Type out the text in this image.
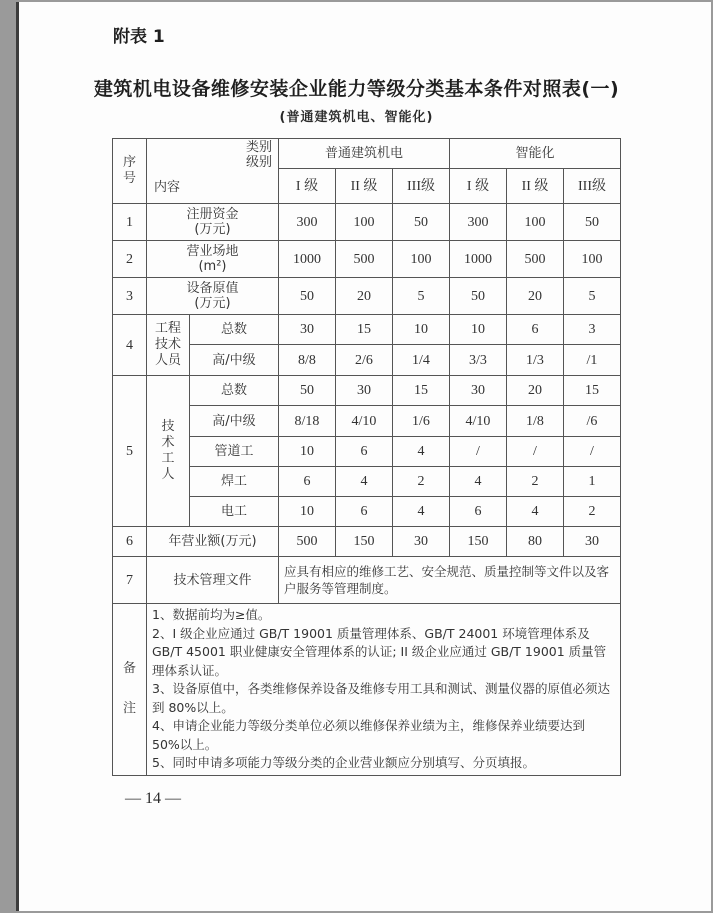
附表 1
建筑机电设备维修安装企业能力等级分类基本条件对照表(一)
(普通建筑机电、智能化)
序号	类别
级别
内容		普通建筑机电			智能化		
			I 级	II 级	III级	I 级	II 级	III级
1	注册资金
(万元)		300	100	50	300	100	50
2	营业场地
(m²)		1000	500	100	1000	500	100
3	设备原值
(万元)		50	20	5	50	20	5
4	工程技术人员	总数	30	15	10	10	6	3
		高/中级	8/8	2/6	1/4	3/3	1/3	/1
5	技术工人	总数	50	30	15	30	20	15
		高/中级	8/18	4/10	1/6	4/10	1/8	/6
		管道工	10	6	4	/	/	/
		焊工	6	4	2	4	2	1
		电工	10	6	4	6	4	2
6	年营业额(万元)		500	150	30	150	80	30
7	技术管理文件		应具有相应的维修工艺、安全规范、质量控制等文件以及客户服务等管理制度。					
备注	1、数据前均为≥值。
2、I 级企业应通过 GB/T 19001 质量管理体系、GB/T 24001 环境管理体系及 GB/T 45001 职业健康安全管理体系的认证; II 级企业应通过 GB/T 19001 质量管理体系认证。
3、设备原值中，各类维修保养设备及维修专用工具和测试、测量仪器的原值必须达到 80%以上。
4、申请企业能力等级分类单位必须以维修保养业绩为主，维修保养业绩要达到 50%以上。
5、同时申请多项能力等级分类的企业营业额应分别填写、分页填报。							
— 14 —
